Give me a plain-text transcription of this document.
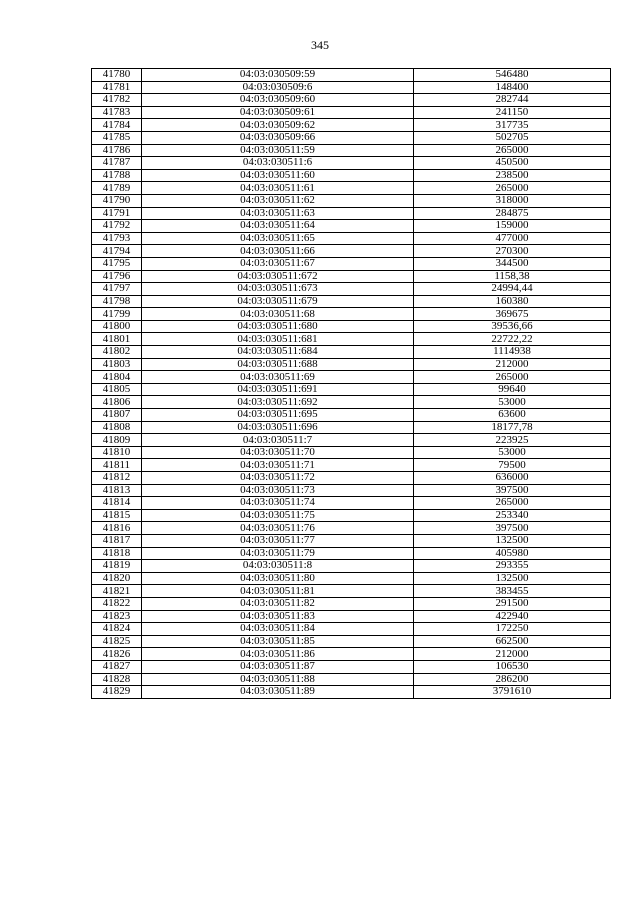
345
41780	04:03:030509:59	546480
41781	04:03:030509:6	148400
41782	04:03:030509:60	282744
41783	04:03:030509:61	241150
41784	04:03:030509:62	317735
41785	04:03:030509:66	502705
41786	04:03:030511:59	265000
41787	04:03:030511:6	450500
41788	04:03:030511:60	238500
41789	04:03:030511:61	265000
41790	04:03:030511:62	318000
41791	04:03:030511:63	284875
41792	04:03:030511:64	159000
41793	04:03:030511:65	477000
41794	04:03:030511:66	270300
41795	04:03:030511:67	344500
41796	04:03:030511:672	1158,38
41797	04:03:030511:673	24994,44
41798	04:03:030511:679	160380
41799	04:03:030511:68	369675
41800	04:03:030511:680	39536,66
41801	04:03:030511:681	22722,22
41802	04:03:030511:684	1114938
41803	04:03:030511:688	212000
41804	04:03:030511:69	265000
41805	04:03:030511:691	99640
41806	04:03:030511:692	53000
41807	04:03:030511:695	63600
41808	04:03:030511:696	18177,78
41809	04:03:030511:7	223925
41810	04:03:030511:70	53000
41811	04:03:030511:71	79500
41812	04:03:030511:72	636000
41813	04:03:030511:73	397500
41814	04:03:030511:74	265000
41815	04:03:030511:75	253340
41816	04:03:030511:76	397500
41817	04:03:030511:77	132500
41818	04:03:030511:79	405980
41819	04:03:030511:8	293355
41820	04:03:030511:80	132500
41821	04:03:030511:81	383455
41822	04:03:030511:82	291500
41823	04:03:030511:83	422940
41824	04:03:030511:84	172250
41825	04:03:030511:85	662500
41826	04:03:030511:86	212000
41827	04:03:030511:87	106530
41828	04:03:030511:88	286200
41829	04:03:030511:89	3791610
